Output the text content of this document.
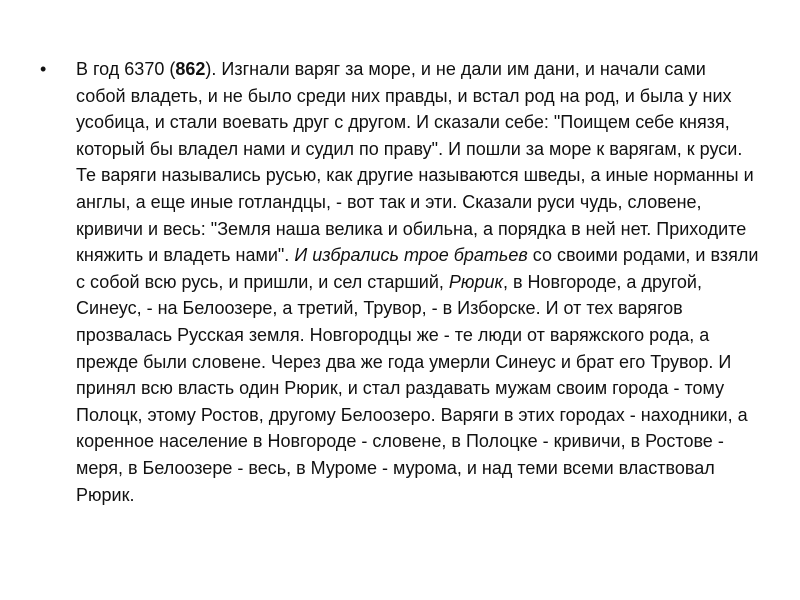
• В год 6370 (862). Изгнали варяг за море, и не дали им дани, и начали сами собой владеть, и не было среди них правды, и встал род на род, и была у них усобица, и стали воевать друг с другом. И сказали себе: "Поищем себе князя, который бы владел нами и судил по праву". И пошли за море к варягам, к руси. Те варяги назывались русью, как другие называются шведы, а иные норманны и англы, а еще иные готландцы, - вот так и эти. Сказали руси чудь, словене, кривичи и весь: "Земля наша велика и обильна, а порядка в ней нет. Приходите княжить и владеть нами". И избрались трое братьев со своими родами, и взяли с собой всю русь, и пришли, и сел старший, Рюрик, в Новгороде, а другой, Синеус, - на Белоозере, а третий, Трувор, - в Изборске. И от тех варягов прозвалась Русская земля. Новгородцы же - те люди от варяжского рода, а прежде были словене. Через два же года умерли Синеус и брат его Трувор. И принял всю власть один Рюрик, и стал раздавать мужам своим города - тому Полоцк, этому Ростов, другому Белоозеро. Варяги в этих городах - находники, а коренное население в Новгороде - словене, в Полоцке - кривичи, в Ростове - меря, в Белоозере - весь, в Муроме - мурома, и над теми всеми властвовал Рюрик.
